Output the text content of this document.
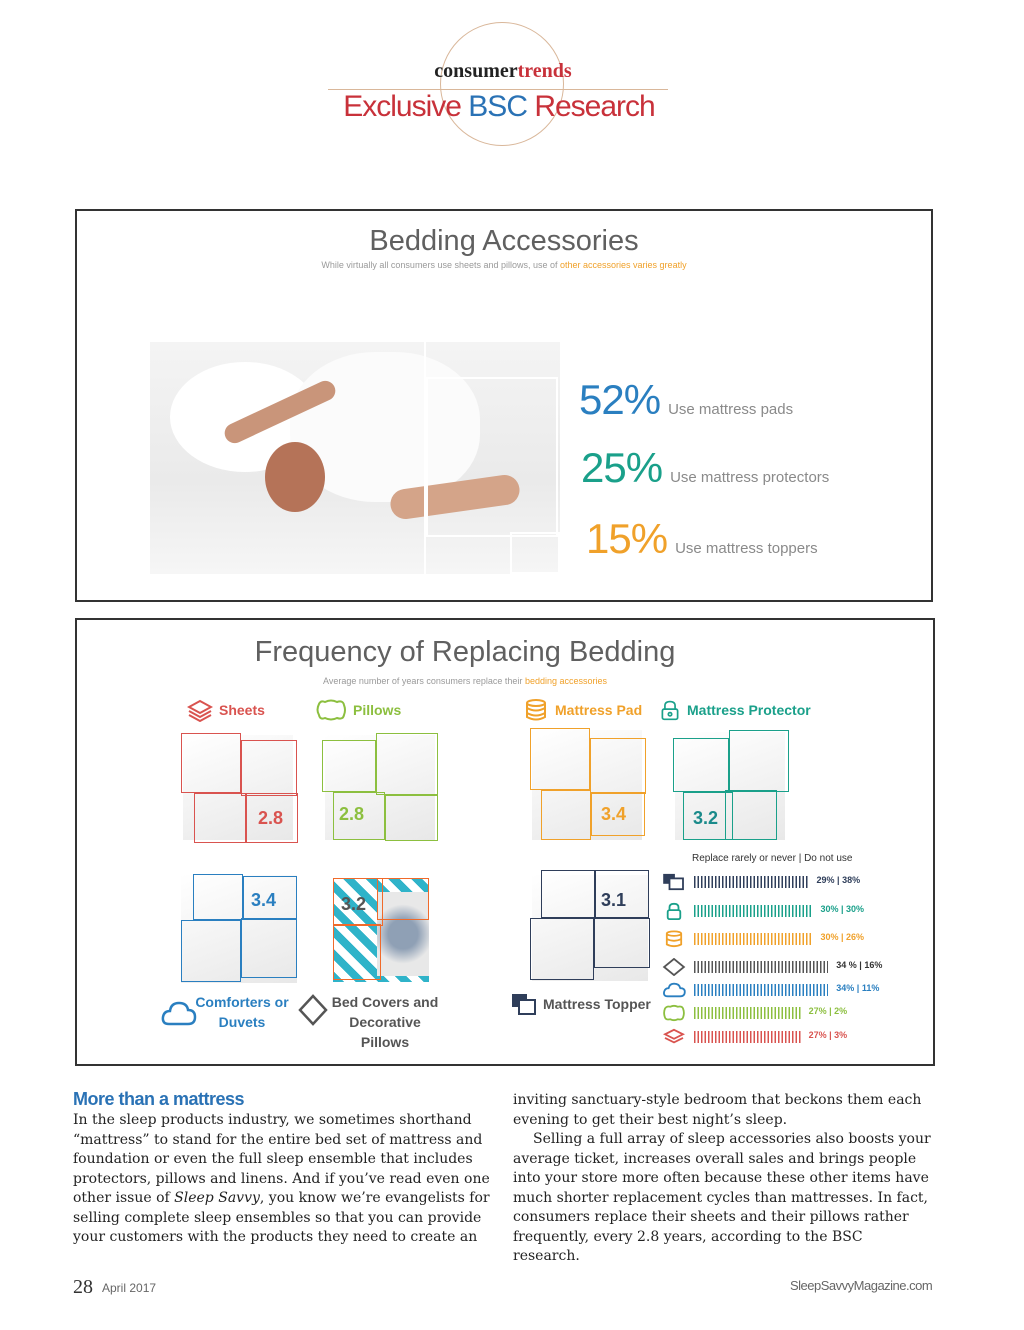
consumertrends
Exclusive BSC Research
Bedding Accessories
While virtually all consumers use sheets and pillows, use of other accessories varies greatly
52% Use mattress pads
25% Use mattress protectors
15% Use mattress toppers
Frequency of Replacing Bedding
Average number of years consumers replace their bedding accessories
Sheets
2.8
Pillows
2.8
Mattress Pad
3.4
Mattress Protector
3.2
3.4
Comforters or
Duvets
3.2
Bed Covers and
Decorative Pillows
3.1
Mattress Topper
Replace rarely or never | Do not use
29% | 38%
30% | 30%
30% | 26%
34 % | 16%
34% | 11%
27% | 2%
27% | 3%
More than a mattress

In the sleep products industry, we sometimes shorthand “mattress” to stand for the entire bed set of mattress and foundation or even the full sleep ensemble that includes protectors, pillows and linens. And if you’ve read even one other issue of Sleep Savvy, you know we’re evangelists for selling complete sleep ensembles so that you can provide your customers with the products they need to create an

inviting sanctuary-style bedroom that beckons them each evening to get their best night’s sleep.

Selling a full array of sleep accessories also boosts your average ticket, increases overall sales and brings people into your store more often because these other items have much shorter replacement cycles than mattresses. In fact, consumers replace their sheets and their pillows rather frequently, every 2.8 years, according to the BSC research.

28 April 2017	SleepSavvyMagazine.com
